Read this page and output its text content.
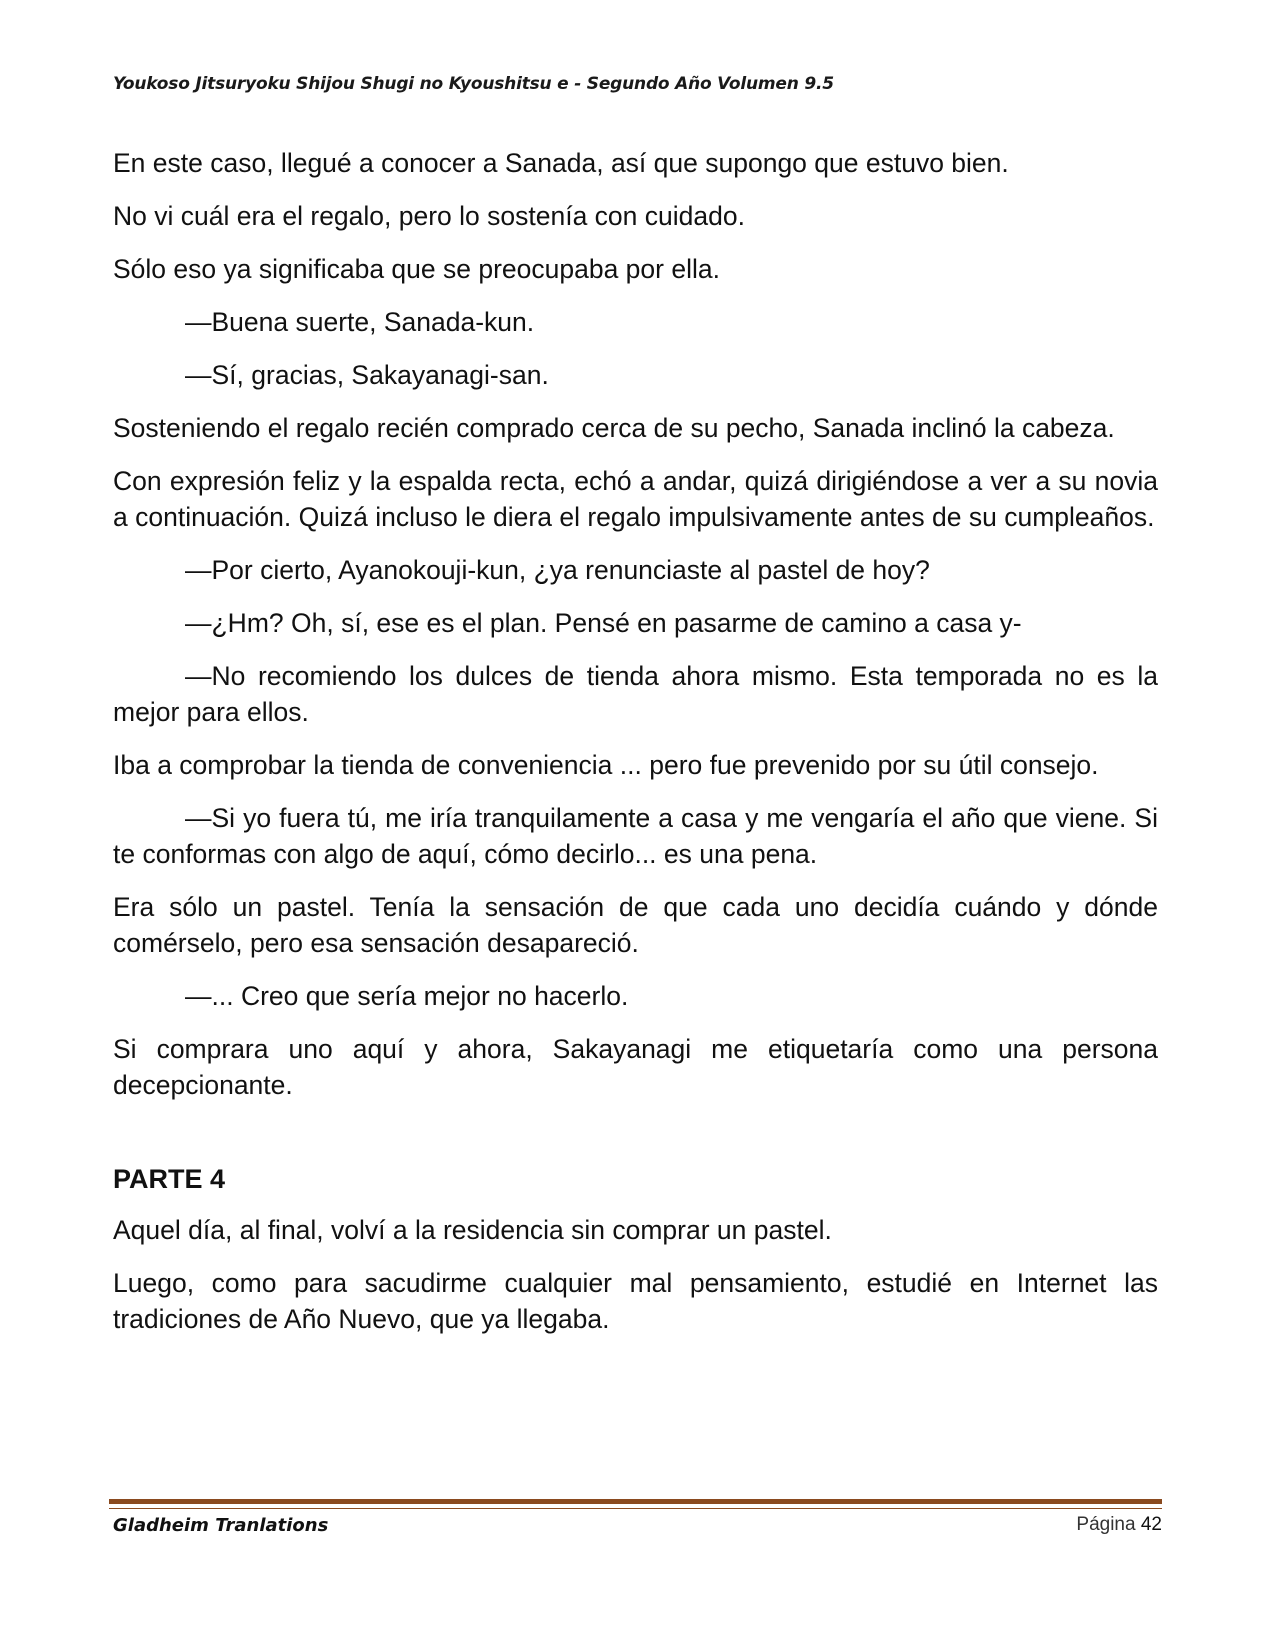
Youkoso Jitsuryoku Shijou Shugi no Kyoushitsu e - Segundo Año Volumen 9.5

En este caso, llegué a conocer a Sanada, así que supongo que estuvo bien.

No vi cuál era el regalo, pero lo sostenía con cuidado.

Sólo eso ya significaba que se preocupaba por ella.

—Buena suerte, Sanada-kun.

—Sí, gracias, Sakayanagi-san.

Sosteniendo el regalo recién comprado cerca de su pecho, Sanada inclinó la cabeza.

Con expresión feliz y la espalda recta, echó a andar, quizá dirigiéndose a ver a su novia a continuación. Quizá incluso le diera el regalo impulsivamente antes de su cumpleaños.

—Por cierto, Ayanokouji-kun, ¿ya renunciaste al pastel de hoy?

—¿Hm? Oh, sí, ese es el plan. Pensé en pasarme de camino a casa y-

—No recomiendo los dulces de tienda ahora mismo. Esta temporada no es la mejor para ellos.

Iba a comprobar la tienda de conveniencia ... pero fue prevenido por su útil consejo.

—Si yo fuera tú, me iría tranquilamente a casa y me vengaría el año que viene. Si te conformas con algo de aquí, cómo decirlo... es una pena.

Era sólo un pastel. Tenía la sensación de que cada uno decidía cuándo y dónde comérselo, pero esa sensación desapareció.

—... Creo que sería mejor no hacerlo.

Si comprara uno aquí y ahora, Sakayanagi me etiquetaría como una persona decepcionante.

PARTE 4

Aquel día, al final, volví a la residencia sin comprar un pastel.

Luego, como para sacudirme cualquier mal pensamiento, estudié en Internet las tradiciones de Año Nuevo, que ya llegaba.

Gladheim Tranlations	Página 42
